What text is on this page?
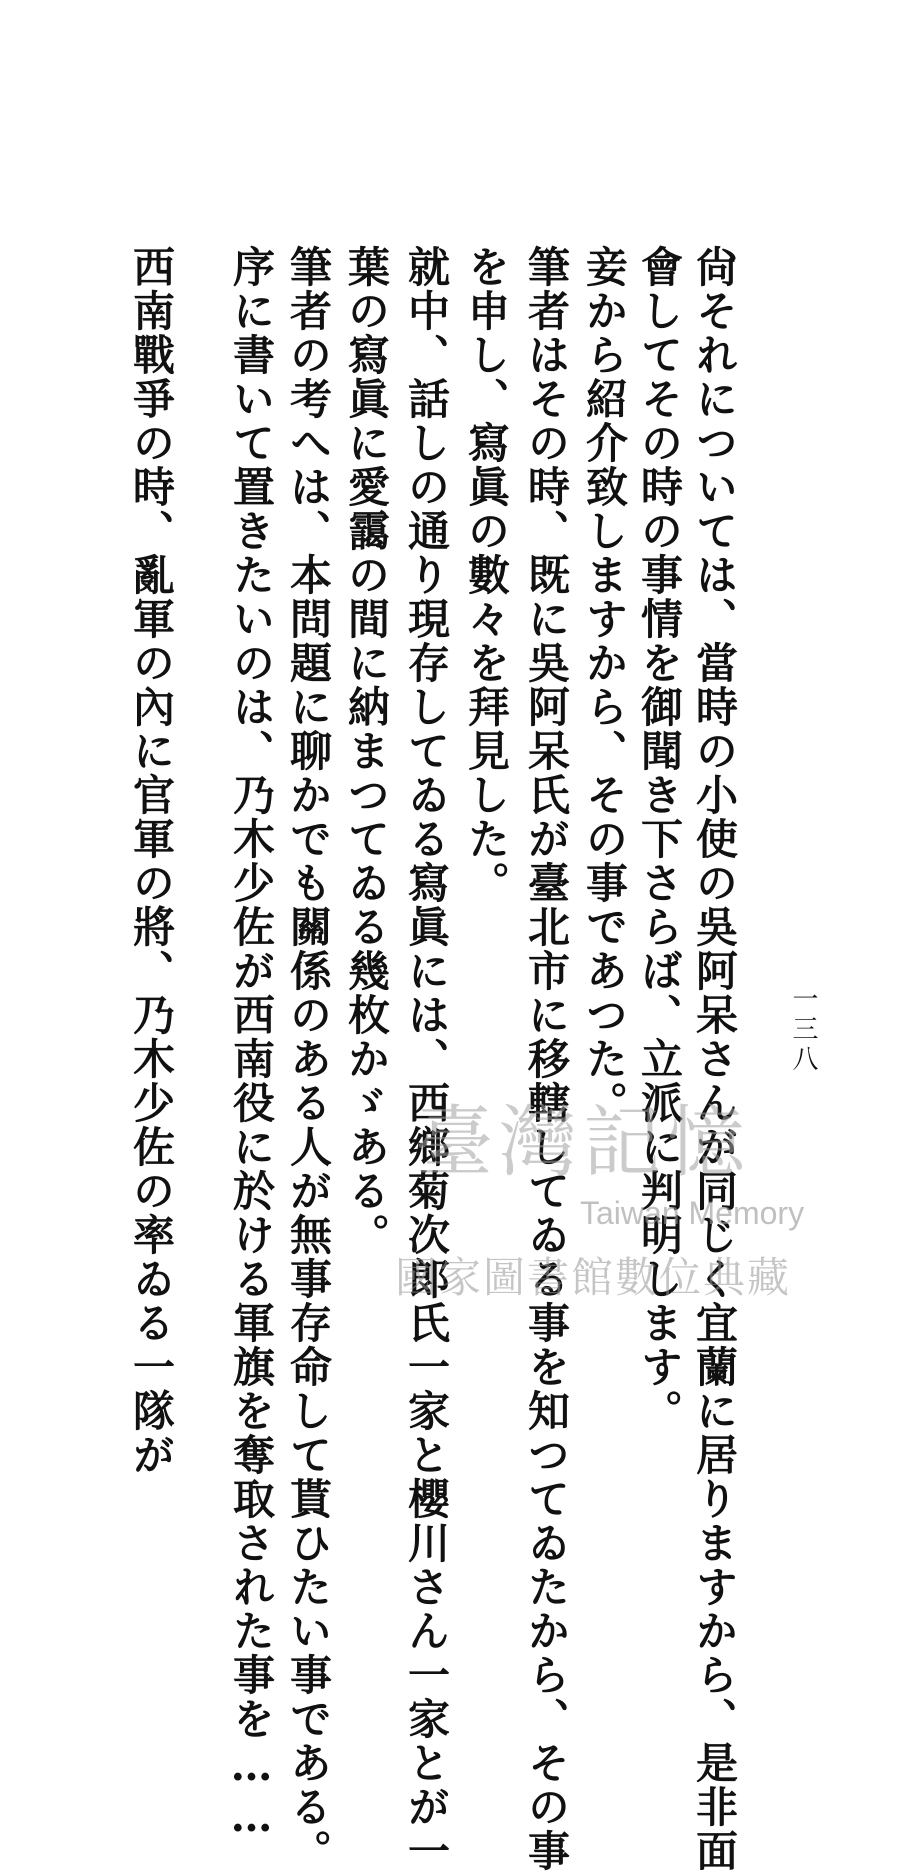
一三八
尙それについては、當時の小使の吳阿呆さんが同じく宜蘭に居りますから、是非面
會してその時の事情を御聞き下さらば、立派に判明します。
妾から紹介致しますから、その事であつた。
筆者はその時、既に吳阿呆氏が臺北市に移轄してゐる事を知つてゐたから、その事
を申し、寫眞の數々を拜見した。
就中、話しの通り現存してゐる寫眞には、西鄉菊次郞氏一家と櫻川さん一家とが一
葉の寫眞に愛靄の間に納まつてゐる幾枚かゞある。
筆者の考へは、本問題に聊かでも關係のある人が無事存命して貰ひたい事である。
序に書いて置きたいのは、乃木少佐が西南役に於ける軍旗を奪取された事を……
西南戰爭の時、亂軍の內に官軍の將、乃木少佐の率ゐる一隊が	臺灣記憶
Taiwan Memory
國家圖書館數位典藏
